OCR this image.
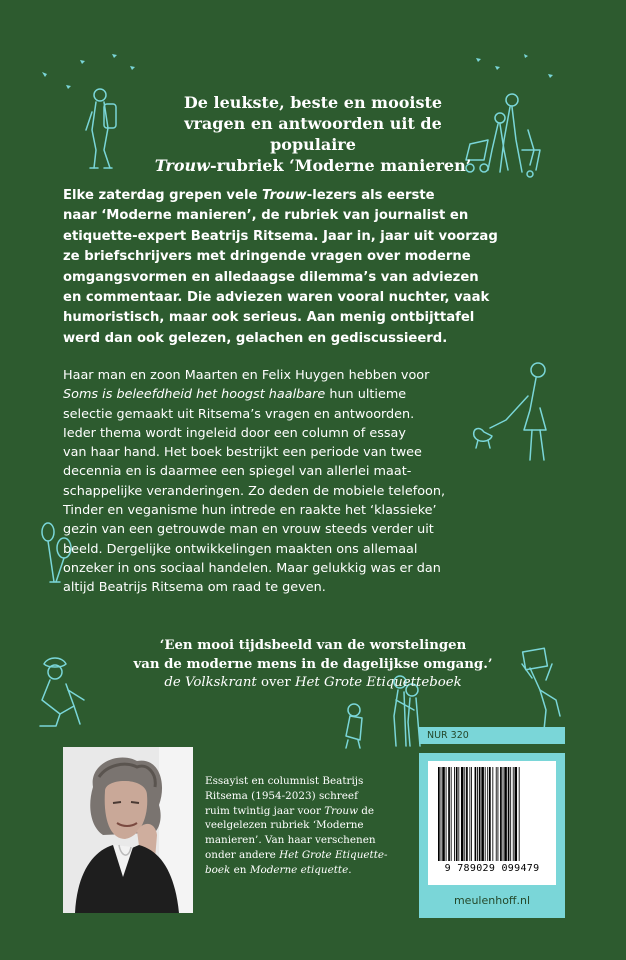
De leukste, beste en mooiste
vragen en antwoorden uit de populaire
Trouw-rubriek ‘Moderne manieren’
Elke zaterdag grepen vele Trouw-lezers als eerste
naar ‘Moderne manieren’, de rubriek van journalist en
etiquette-expert Beatrijs Ritsema. Jaar in, jaar uit voorzag
ze briefschrijvers met dringende vragen over moderne
omgangsvormen en alledaagse dilemma’s van adviezen
en commentaar. Die adviezen waren vooral nuchter, vaak
humoristisch, maar ook serieus. Aan menig ontbijttafel
werd dan ook gelezen, gelachen en gediscussieerd.
Haar man en zoon Maarten en Felix Huygen hebben voor
Soms is beleefdheid het hoogst haalbare hun ultieme
selectie gemaakt uit Ritsema’s vragen en antwoorden.
Ieder thema wordt ingeleid door een column of essay
van haar hand. Het boek bestrijkt een periode van twee
decennia en is daarmee een spiegel van allerlei maat-
schappelijke veranderingen. Zo deden de mobiele telefoon,
Tinder en veganisme hun intrede en raakte het ‘klassieke’
gezin van een getrouwde man en vrouw steeds verder uit
beeld. Dergelijke ontwikkelingen maakten ons allemaal
onzeker in ons sociaal handelen. Maar gelukkig was er dan
altijd Beatrijs Ritsema om raad te geven.
‘Een mooi tijdsbeeld van de worstelingen
van de moderne mens in de dagelijkse omgang.’
de Volkskrant over Het Grote Etiquetteboek
Essayist en columnist Beatrijs
Ritsema (1954-2023) schreef
ruim twintig jaar voor Trouw de
veelgelezen rubriek ‘Moderne
manieren’. Van haar verschenen
onder andere Het Grote Etiquette-
boek en Moderne etiquette.
NUR 320
9 789029 099479
meulenhoff.nl
